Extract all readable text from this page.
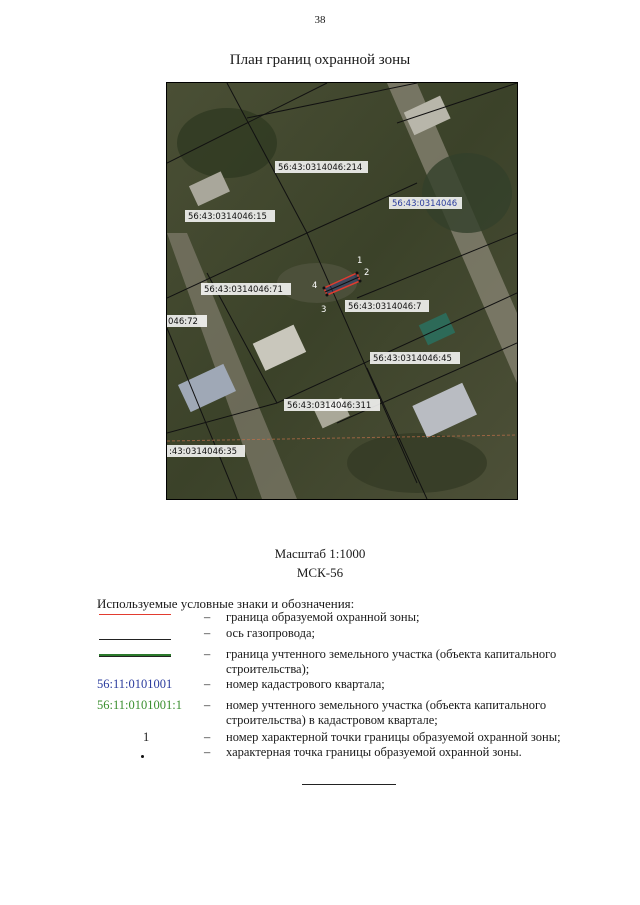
38
План границ охранной зоны
1
2
3
4
56:43:0314046:214
56:43:0314046:15
56:43:0314046:71
56:43:0314046:7
56:43:0314046:45
56:43:0314046:311
:43:0314046:35
046:72
56:43:0314046
Масштаб 1:1000
МСК-56
Используемые условные знаки и обозначения:
– граница образуемой охранной зоны;
– ось газопровода;
– граница учтенного земельного участка (объекта капитального строительства);
56:11:0101001	– номер кадастрового квартала;
56:11:0101001:1 – номер учтенного земельного участка (объекта капитального строительства) в кадастровом квартале;
1	– номер характерной точки границы образуемой охранной зоны;
– характерная точка границы образуемой охранной зоны.
